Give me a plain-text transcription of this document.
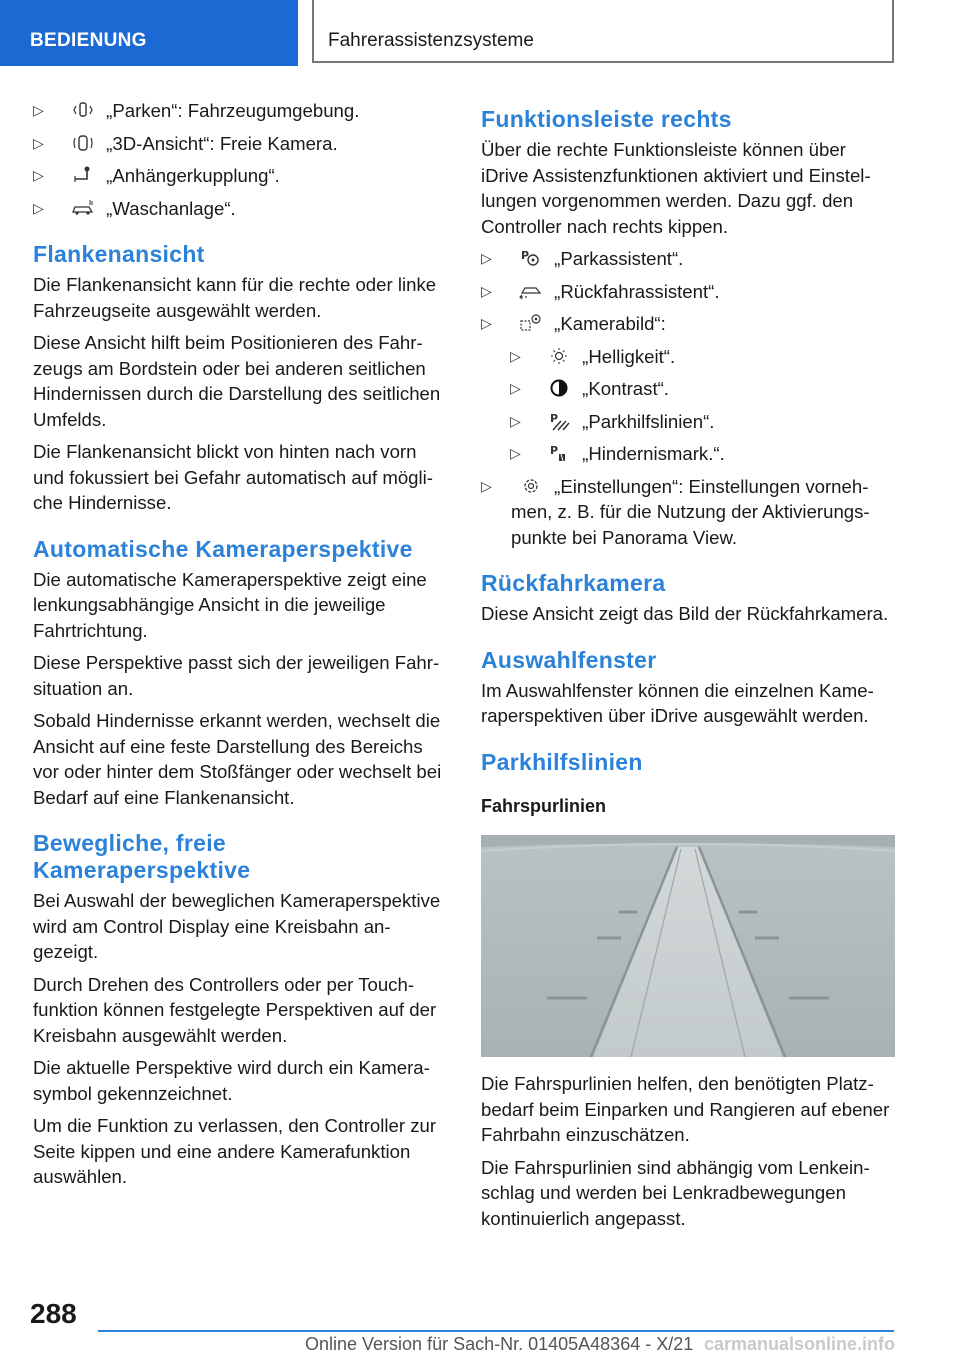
BEDIENUNG	Fahrerassistenzsysteme
▷	„Parken“: Fahrzeugumgebung.
▷	„3D-Ansicht“: Freie Kamera.
▷	„Anhängerkupplung“.
▷	„Waschanlage“.
Flankenansicht

Die Flankenansicht kann für die rechte oder linke Fahrzeugseite ausgewählt werden.

Diese Ansicht hilft beim Positionieren des Fahrzeugs am Bordstein oder bei anderen seitlichen Hindernissen durch die Darstellung des seitlichen Umfelds.

Die Flankenansicht blickt von hinten nach vorn und fokussiert bei Gefahr automatisch auf mögliche Hindernisse.

Automatische Kameraperspektive

Die automatische Kameraperspektive zeigt eine lenkungsabhängige Ansicht in die jeweilige Fahrtrichtung.

Diese Perspektive passt sich der jeweiligen Fahrsituation an.

Sobald Hindernisse erkannt werden, wechselt die Ansicht auf eine feste Darstellung des Bereichs vor oder hinter dem Stoßfänger oder wechselt bei Bedarf auf eine Flankenansicht.

Bewegliche, freie Kameraperspektive

Bei Auswahl der beweglichen Kameraperspektive wird am Control Display eine Kreisbahn angezeigt.

Durch Drehen des Controllers oder per Touchfunktion können festgelegte Perspektiven auf der Kreisbahn ausgewählt werden.

Die aktuelle Perspektive wird durch ein Kamerasymbol gekennzeichnet.

Um die Funktion zu verlassen, den Controller zur Seite kippen und eine andere Kamerafunktion auswählen.

Funktionsleiste rechts

Über die rechte Funktionsleiste können über iDrive Assistenzfunktionen aktiviert und Einstellungen vorgenommen werden. Dazu ggf. den Controller nach rechts kippen.

▷	P „Parkassistent“.
▷	„Rückfahrassistent“.
▷	„Kamerabild“:
▷	„Helligkeit“.
▷	„Kontrast“.
▷	P „Parkhilfslinien“.
▷	P „Hindernismark.“.
▷	„Einstellungen“: Einstellungen vornehmen, z. B. für die Nutzung der Aktivierungspunkte bei Panorama View.
Rückfahrkamera

Diese Ansicht zeigt das Bild der Rückfahrkamera.

Auswahlfenster

Im Auswahlfenster können die einzelnen Kameraperspektiven über iDrive ausgewählt werden.

Parkhilfslinien
Fahrspurlinien

Die Fahrspurlinien helfen, den benötigten Platzbedarf beim Einparken und Rangieren auf ebener Fahrbahn einzuschätzen.

Die Fahrspurlinien sind abhängig vom Lenkeinschlag und werden bei Lenkradbewegungen kontinuierlich angepasst.

288
Online Version für Sach-Nr. 01405A48364 - X/21 carmanualsonline.info
